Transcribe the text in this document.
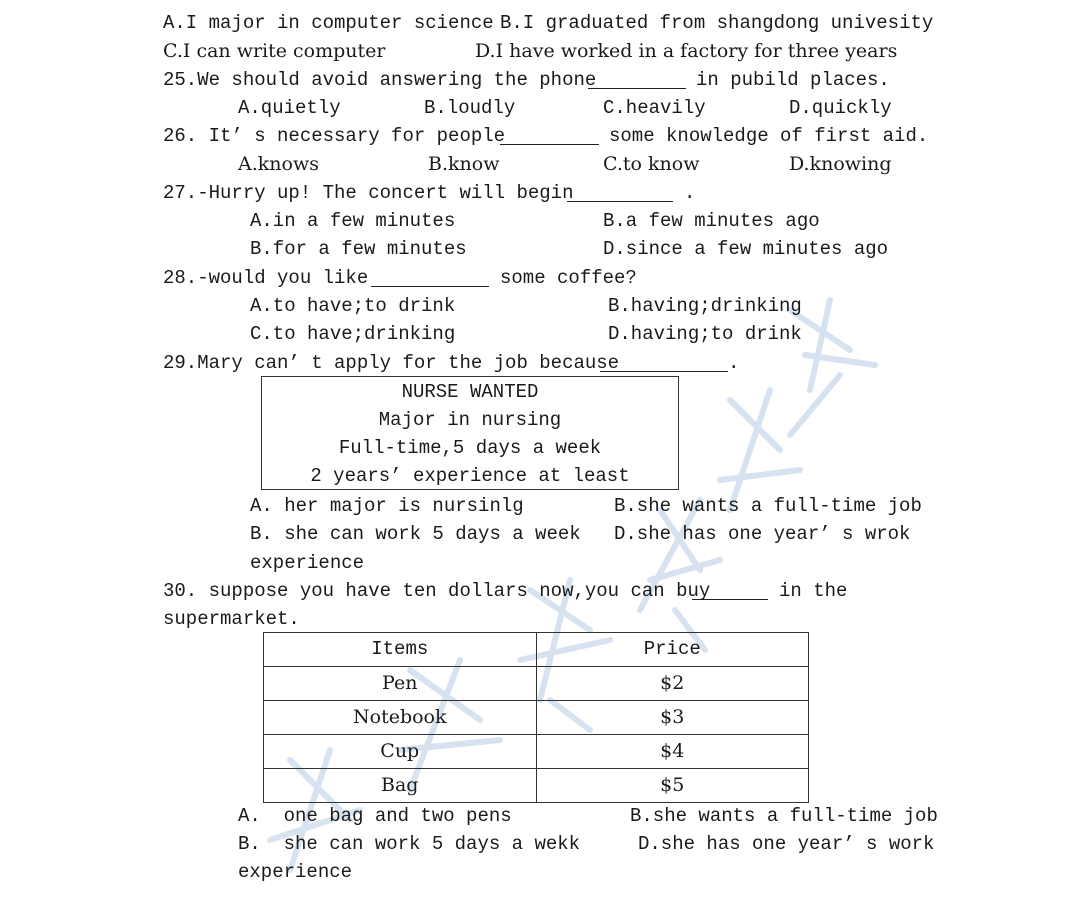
A.I major in computer science B.I graduated from shangdong univesity
C.I can write computer	D.I have worked in a factory for three years
25.We should avoid answering the phone	in pubild places.
A.quietly	B.loudly	C.heavily	D.quickly
26. It’ s necessary for people	some knowledge of first aid.
A.knows	B.know	C.to know	D.knowing
27.-Hurry up! The concert will begin	.
A.in a few minutes	B.a few minutes ago
B.for a few minutes	D.since a few minutes ago
28.-would you like	some coffee?
A.to have;to drink	B.having;drinking
C.to have;drinking	D.having;to drink
29.Mary can’ t apply for the job because	.
NURSE WANTED
Major in nursing
Full-time,5 days a week
2 years’ experience at least
A. her major is nursinlg	B.she wants a full-time job
B. she can work 5 days a week D.she has one year’ s wrok
experience
30. suppose you have ten dollars now,you can buy	in the
supermarket.
Items	Price
Pen	$2
Notebook	$3
Cup	$4
Bag	$5
A.  one bag and two pens	B.she wants a full-time job
B.  she can work 5 days a wekk	D.she has one year’ s work
experience
